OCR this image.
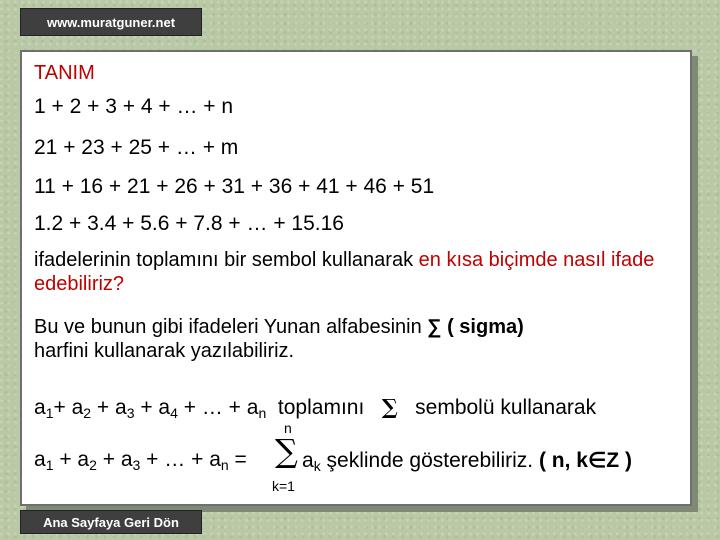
www.muratguner.net
TANIM
1 + 2 + 3 + 4 + … + n
21 + 23 + 25 + … + m
11 + 16 + 21 + 26 + 31 + 36 + 41 + 46 + 51
1.2 + 3.4 + 5.6 + 7.8 + … + 15.16
ifadelerinin toplamını bir sembol kullanarak en kısa biçimde nasıl ifade edebiliriz?
Bu ve bunun gibi ifadeleri Yunan alfabesinin ∑ ( sigma)
harfini kullanarak yazılabiliriz.
$a_1+ a_2 + a_3 + a_4$ + … + $a_n$ toplamını ∑ sembolü kullanarak
$a_1 + a_2 + a_3$ + … + $a_n$ =
n
∑
k=1
$a_k$ şeklinde gösterebiliriz. ( n, k∈Z )
Ana Sayfaya Geri Dön
